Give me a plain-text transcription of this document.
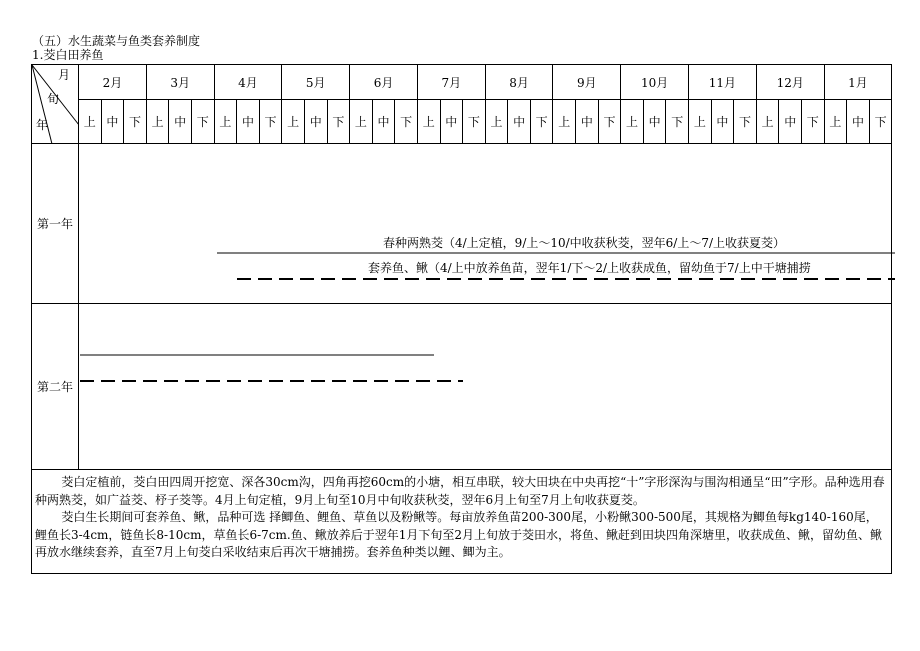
（五）水生蔬菜与鱼类套养制度
1.茭白田养鱼
月
旬
年	2月			3月			4月			5月			6月			7月			8月			9月			10月			11月			12月			1月		
	上	中	下	上	中	下	上	中	下	上	中	下	上	中	下	上	中	下	上	中	下	上	中	下	上	中	下	上	中	下	上	中	下	上	中	下
第一年																																				
第二年																																				

茭白定植前，茭白田四周开挖宽、深各30cm沟，四角再挖60cm的小塘，相互串联，较大田块在中央再挖“十”字形深沟与围沟相通呈“田”字形。品种选用春种两熟茭，如广益茭、杼子茭等。4月上旬定植，9月上旬至10月中旬收获秋茭，翌年6月上旬至7月上旬收获夏茭。

茭白生长期间可套养鱼、鳅，品种可选 择鲫鱼、鲤鱼、草鱼以及粉鳅等。每亩放养鱼苗200-300尾，小粉鳅300-500尾，其规格为鲫鱼每kg140-160尾，鲤鱼长3-4cm，链鱼长8-10cm，草鱼长6-7cm.鱼、鳅放养后于翌年1月下旬至2月上旬放于茭田水，将鱼、鳅赶到田块四角深塘里，收获成鱼、鳅，留幼鱼、鳅再放水继续套养，直至7月上旬茭白采收结束后再次干塘捕捞。套养鱼种类以鲤、鲫为主。																																				

春种两熟茭（4/上定植，9/上～10/中收获秋茭，翌年6/上～7/上收获夏茭）
套养鱼、鳅（4/上中放养鱼苗，翌年1/下～2/上收获成鱼，留幼鱼于7/上中干塘捕捞
